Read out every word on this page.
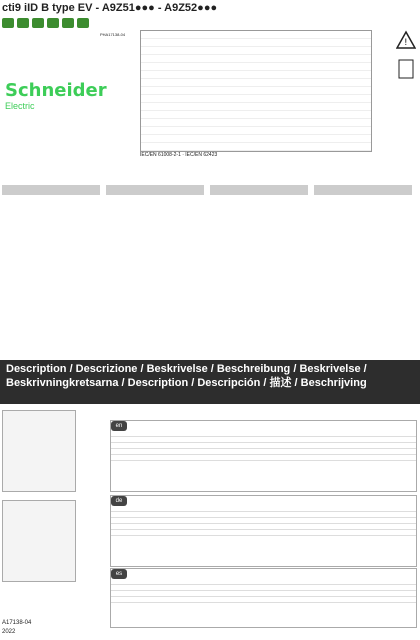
cti9 iID B type EV - A9Z51●●● - A9Z52●●●
PHA17138-04
Schneider
Electric
IEC/EN 61008-2-1 · IEC/EN 62423
!
Description / Descrizione / Beskrivelse / Beschreibung / Beskrivelse / Beskrivningkretsarna / Description / Descripción / 描述 / Beschrijving
en
de
es
A17138-04
2022
